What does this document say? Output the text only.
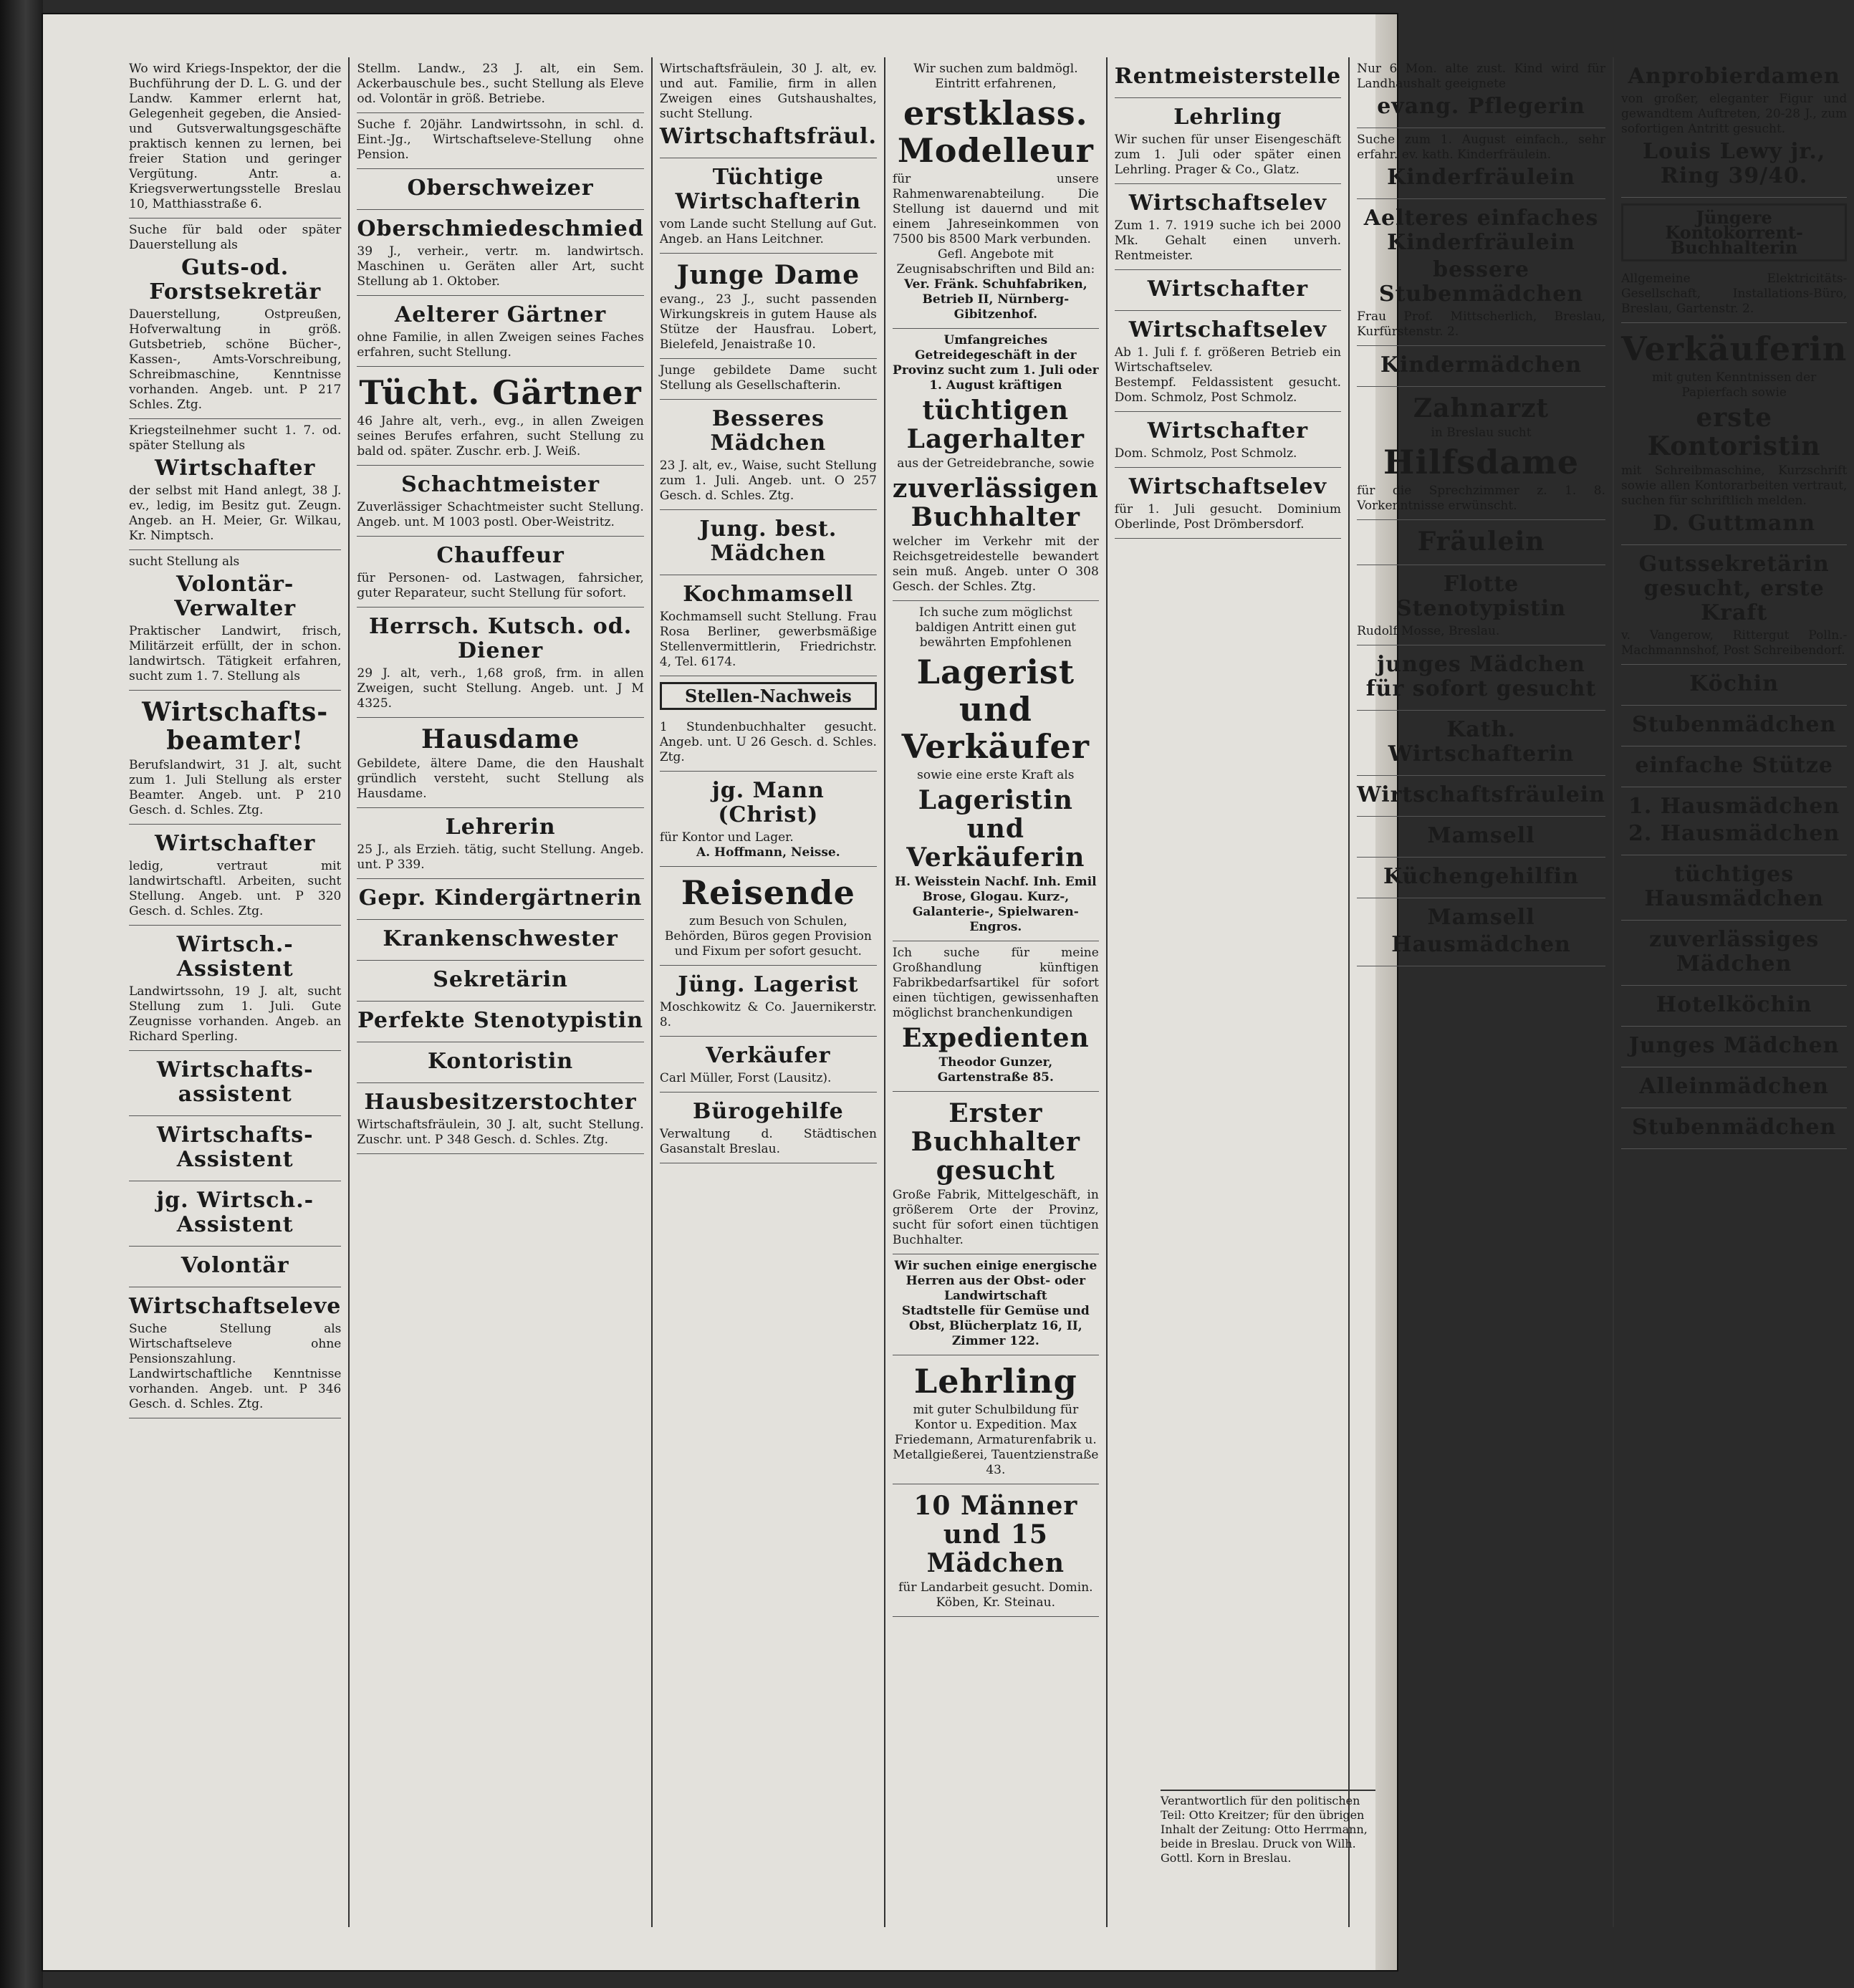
Wo wird Kriegs-Inspektor, der die Buchführung der D. L. G. und der Landw. Kammer erlernt hat, Gelegenheit gegeben, die Ansied- und Gutsverwaltungsgeschäfte praktisch kennen zu lernen, bei freier Station und geringer Vergütung. Antr. a. Kriegsverwertungsstelle Breslau 10, Matthiasstraße 6.
Suche für bald oder später Dauerstellung als
Guts-od. Forstsekretär
Dauerstellung, Ostpreußen, Hofverwaltung in größ. Gutsbetrieb, schöne Bücher-, Kassen-, Amts-Vorschreibung, Schreibmaschine, Kenntnisse vorhanden. Angeb. unt. P 217 Schles. Ztg.
Kriegsteilnehmer sucht 1. 7. od. später Stellung als
Wirtschafter
der selbst mit Hand anlegt, 38 J. ev., ledig, im Besitz gut. Zeugn. Angeb. an H. Meier, Gr. Wilkau, Kr. Nimptsch.
sucht Stellung als
Volontär-Verwalter
Praktischer Landwirt, frisch, Militärzeit erfüllt, der in schon. landwirtsch. Tätigkeit erfahren, sucht zum 1. 7. Stellung als
Wirtschafts-beamter!
Berufslandwirt, 31 J. alt, sucht zum 1. Juli Stellung als erster Beamter. Angeb. unt. P 210 Gesch. d. Schles. Ztg.
Wirtschafter
ledig, vertraut mit landwirtschaftl. Arbeiten, sucht Stellung. Angeb. unt. P 320 Gesch. d. Schles. Ztg.
Wirtsch.-Assistent
Landwirtssohn, 19 J. alt, sucht Stellung zum 1. Juli. Gute Zeugnisse vorhanden. Angeb. an Richard Sperling.
Wirtschafts-assistent
Wirtschafts-Assistent
jg. Wirtsch.-Assistent
Volontär
Wirtschaftseleve
Suche Stellung als Wirtschaftseleve ohne Pensionszahlung. Landwirtschaftliche Kenntnisse vorhanden. Angeb. unt. P 346 Gesch. d. Schles. Ztg.
Stellm. Landw., 23 J. alt, ein Sem. Ackerbauschule bes., sucht Stellung als Eleve od. Volontär in größ. Betriebe.
Suche f. 20jähr. Landwirtssohn, in schl. d. Eint.-Jg., Wirtschaftseleve-Stellung ohne Pension.
Oberschweizer
Oberschmiedeschmied
39 J., verheir., vertr. m. landwirtsch. Maschinen u. Geräten aller Art, sucht Stellung ab 1. Oktober.
Aelterer Gärtner
ohne Familie, in allen Zweigen seines Faches erfahren, sucht Stellung.
Tücht. Gärtner
46 Jahre alt, verh., evg., in allen Zweigen seines Berufes erfahren, sucht Stellung zu bald od. später. Zuschr. erb. J. Weiß.
Schachtmeister
Zuverlässiger Schachtmeister sucht Stellung. Angeb. unt. M 1003 postl. Ober-Weistritz.
Chauffeur
für Personen- od. Lastwagen, fahrsicher, guter Reparateur, sucht Stellung für sofort.
Herrsch. Kutsch. od. Diener
29 J. alt, verh., 1,68 groß, frm. in allen Zweigen, sucht Stellung. Angeb. unt. J M 4325.
Hausdame
Gebildete, ältere Dame, die den Haushalt gründlich versteht, sucht Stellung als Hausdame.
Lehrerin
25 J., als Erzieh. tätig, sucht Stellung. Angeb. unt. P 339.
Gepr. Kindergärtnerin
Krankenschwester
Sekretärin
Perfekte Stenotypistin
Kontoristin
Hausbesitzerstochter
Wirtschaftsfräulein, 30 J. alt, sucht Stellung. Zuschr. unt. P 348 Gesch. d. Schles. Ztg.
Wirtschaftsfräulein, 30 J. alt, ev. und aut. Familie, firm in allen Zweigen eines Gutshaushaltes, sucht Stellung.
Wirtschaftsfräul.
Tüchtige Wirtschafterin
vom Lande sucht Stellung auf Gut. Angeb. an Hans Leitchner.
Junge Dame
evang., 23 J., sucht passenden Wirkungskreis in gutem Hause als Stütze der Hausfrau. Lobert, Bielefeld, Jenaistraße 10.
Junge gebildete Dame sucht Stellung als Gesellschafterin.
Besseres Mädchen
23 J. alt, ev., Waise, sucht Stellung zum 1. Juli. Angeb. unt. O 257 Gesch. d. Schles. Ztg.
Jung. best. Mädchen
Kochmamsell
Kochmamsell sucht Stellung. Frau Rosa Berliner, gewerbsmäßige Stellenvermittlerin, Friedrichstr. 4, Tel. 6174.
Stellen-Nachweis
1 Stundenbuchhalter gesucht. Angeb. unt. U 26 Gesch. d. Schles. Ztg.
jg. Mann (Christ)
für Kontor und Lager.
A. Hoffmann, Neisse.
Reisende
zum Besuch von Schulen, Behörden, Büros gegen Provision und Fixum per sofort gesucht.
Jüng. Lagerist
Moschkowitz & Co. Jauernikerstr. 8.
Verkäufer
Carl Müller, Forst (Lausitz).
Bürogehilfe
Verwaltung d. Städtischen Gasanstalt Breslau.
Wir suchen zum baldmögl. Eintritt erfahrenen,
erstklass. Modelleur
für unsere Rahmenwarenabteilung. Die Stellung ist dauernd und mit einem Jahreseinkommen von 7500 bis 8500 Mark verbunden.
Gefl. Angebote mit Zeugnisabschriften und Bild an:
Ver. Fränk. Schuhfabriken, Betrieb II, Nürnberg-Gibitzenhof.
Umfangreiches Getreidegeschäft in der Provinz sucht zum 1. Juli oder 1. August kräftigen
tüchtigen Lagerhalter
aus der Getreidebranche, sowie
zuverlässigen Buchhalter
welcher im Verkehr mit der Reichsgetreidestelle bewandert sein muß. Angeb. unter O 308 Gesch. der Schles. Ztg.
Ich suche zum möglichst baldigen Antritt einen gut bewährten Empfohlenen
Lagerist und Verkäufer
sowie eine erste Kraft als
Lageristin und Verkäuferin
H. Weisstein Nachf. Inh. Emil Brose, Glogau. Kurz-, Galanterie-, Spielwaren-Engros.
Ich suche für meine Großhandlung künftigen Fabrikbedarfsartikel für sofort einen tüchtigen, gewissenhaften möglichst branchenkundigen
Expedienten
Theodor Gunzer, Gartenstraße 85.
Erster Buchhalter gesucht
Große Fabrik, Mittelgeschäft, in größerem Orte der Provinz, sucht für sofort einen tüchtigen Buchhalter.
Wir suchen einige energische Herren aus der Obst- oder Landwirtschaft
Stadtstelle für Gemüse und Obst, Blücherplatz 16, II, Zimmer 122.
Lehrling
mit guter Schulbildung für Kontor u. Expedition. Max Friedemann, Armaturenfabrik u. Metallgießerei, Tauentzienstraße 43.
10 Männer und 15 Mädchen
für Landarbeit gesucht. Domin. Köben, Kr. Steinau.
Rentmeisterstelle
Lehrling
Wir suchen für unser Eisengeschäft zum 1. Juli oder später einen Lehrling. Prager & Co., Glatz.
Wirtschaftselev
Zum 1. 7. 1919 suche ich bei 2000 Mk. Gehalt einen unverh. Rentmeister.
Wirtschafter
Wirtschaftselev
Ab 1. Juli f. f. größeren Betrieb ein Wirtschaftselev.
Bestempf. Feldassistent gesucht. Dom. Schmolz, Post Schmolz.
Wirtschafter
Dom. Schmolz, Post Schmolz.
Wirtschaftselev
für 1. Juli gesucht. Dominium Oberlinde, Post Drömbersdorf.
Nur 6 Mon. alte zust. Kind wird für Landhaushalt geeignete
evang. Pflegerin
Suche zum 1. August einfach., sehr erfahr. ev. kath. Kinderfräulein.
Kinderfräulein
Aelteres einfaches Kinderfräulein
bessere Stubenmädchen
Frau Prof. Mittscherlich, Breslau, Kurfürstenstr. 2.
Kindermädchen
Zahnarzt
in Breslau sucht
Hilfsdame
für die Sprechzimmer z. 1. 8. Vorkenntnisse erwünscht.
Fräulein
Flotte Stenotypistin
Rudolf Mosse, Breslau.
junges Mädchen für sofort gesucht
Kath. Wirtschafterin
Wirtschaftsfräulein
Mamsell
Küchengehilfin
Mamsell
Hausmädchen
Anprobierdamen
von großer, eleganter Figur und gewandtem Auftreten, 20-28 J., zum sofortigen Antritt gesucht.
Louis Lewy jr., Ring 39/40.
Jüngere Kontokorrent-Buchhalterin
Allgemeine Elektricitäts-Gesellschaft, Installations-Büro, Breslau, Gartenstr. 2.
Verkäuferin
mit guten Kenntnissen der Papierfach sowie
erste Kontoristin
mit Schreibmaschine, Kurzschrift sowie allen Kontorarbeiten vertraut, suchen für schriftlich melden.
D. Guttmann
Gutssekretärin gesucht, erste Kraft
v. Vangerow, Rittergut Polln.-Machmannshof, Post Schreibendorf.
Köchin
Stubenmädchen
einfache Stütze
1. Hausmädchen
2. Hausmädchen
tüchtiges Hausmädchen
zuverlässiges Mädchen
Hotelköchin
Junges Mädchen
Alleinmädchen
Stubenmädchen
Verantwortlich für den politischen Teil: Otto Kreitzer; für den übrigen Inhalt der Zeitung: Otto Herrmann, beide in Breslau. Druck von Wilh. Gottl. Korn in Breslau.
